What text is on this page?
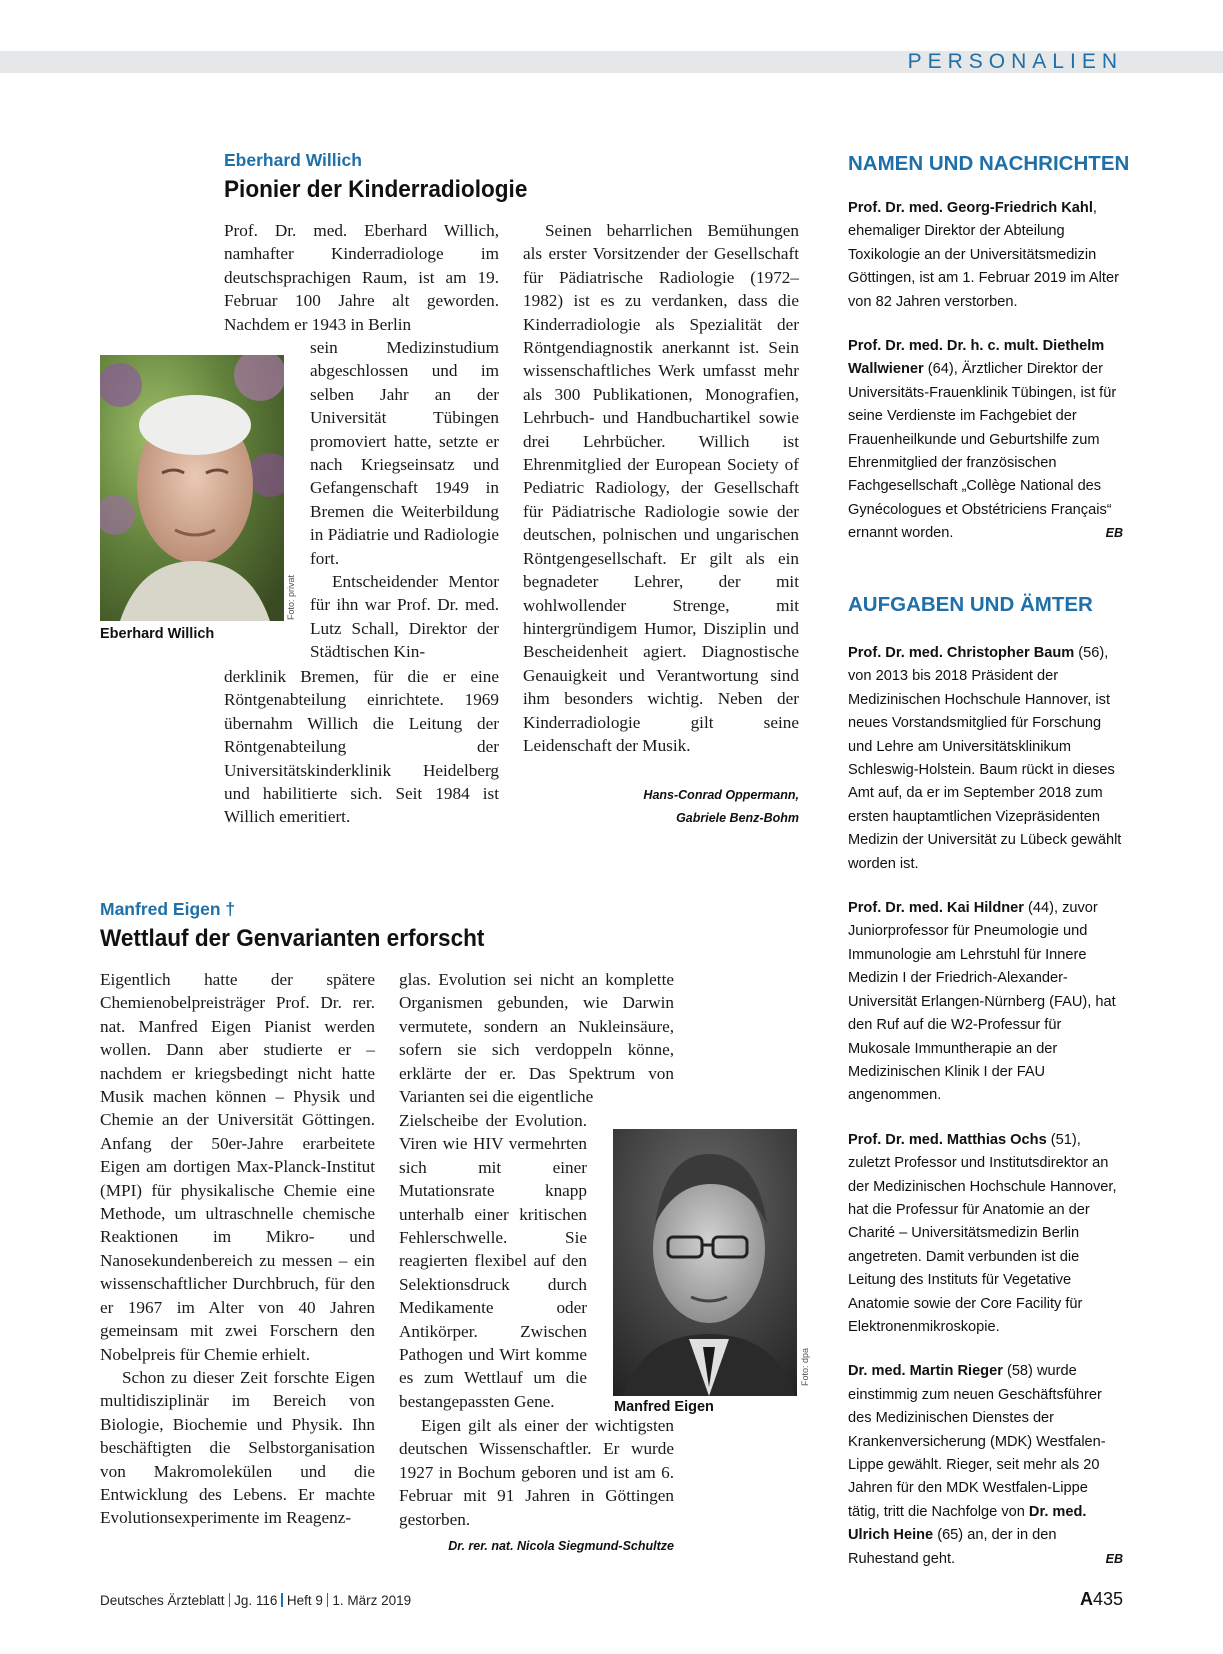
PERSONALIEN
Eberhard Willich
Pionier der Kinderradiologie

Prof. Dr. med. Eberhard Willich, namhafter Kinderradiologe im deutschsprachigen Raum, ist am 19. Februar 100 Jahre alt geworden. Nachdem er 1943 in Berlin

Foto: privat
Eberhard Willich

sein Medizinstudium abgeschlossen und im selben Jahr an der Universität Tübingen promoviert hatte, setzte er nach Kriegseinsatz und Gefangenschaft 1949 in Bremen die Weiterbildung in Pädiatrie und Radiologie fort.

Entscheidender Mentor für ihn war Prof. Dr. med. Lutz Schall, Direktor der Städtischen Kin-

derklinik Bremen, für die er eine Röntgenabteilung einrichtete. 1969 übernahm Willich die Leitung der Röntgenabteilung der Universitätskinderklinik Heidelberg und habilitierte sich. Seit 1984 ist Willich emeritiert.

Seinen beharrlichen Bemühungen als erster Vorsitzender der Gesellschaft für Pädiatrische Radiologie (1972–1982) ist es zu verdanken, dass die Kinderradiologie als Spezialität der Röntgendiagnostik anerkannt ist. Sein wissenschaftliches Werk umfasst mehr als 300 Publikationen, Monografien, Lehrbuch- und Handbuchartikel sowie drei Lehrbücher. Willich ist Ehrenmitglied der European Society of Pediatric Radiology, der Gesellschaft für Pädiatrische Radiologie sowie der deutschen, polnischen und ungarischen Röntgengesellschaft. Er gilt als ein begnadeter Lehrer, der mit wohlwollender Strenge, mit hintergründigem Humor, Disziplin und Bescheidenheit agiert. Diagnostische Genauigkeit und Verantwortung sind ihm besonders wichtig. Neben der Kinderradiologie gilt seine Leidenschaft der Musik.

Hans-Conrad Oppermann,
Gabriele Benz-Bohm
Manfred Eigen †
Wettlauf der Genvarianten erforscht

Eigentlich hatte der spätere Chemienobelpreisträger Prof. Dr. rer. nat. Manfred Eigen Pianist werden wollen. Dann aber studierte er – nachdem er kriegsbedingt nicht hatte Musik machen können – Physik und Chemie an der Universität Göttingen. Anfang der 50er-Jahre erarbeitete Eigen am dortigen Max-Planck-Institut (MPI) für physikalische Chemie eine Methode, um ultraschnelle chemische Reaktionen im Mikro- und Nanosekundenbereich zu messen – ein wissenschaftlicher Durchbruch, für den er 1967 im Alter von 40 Jahren gemeinsam mit zwei Forschern den Nobelpreis für Chemie erhielt.

Schon zu dieser Zeit forschte Eigen multidisziplinär im Bereich von Biologie, Biochemie und Physik. Ihn beschäftigten die Selbstorganisation von Makromolekülen und die Entwicklung des Lebens. Er machte Evolutionsexperimente im Reagenz-

glas. Evolution sei nicht an komplette Organismen gebunden, wie Darwin vermutete, sondern an Nukleinsäure, sofern sie sich verdoppeln könne, erklärte der er. Das Spektrum von Varianten sei die eigentliche

Zielscheibe der Evolution. Viren wie HIV vermehrten sich mit einer Mutationsrate knapp unterhalb einer kritischen Fehlerschwelle. Sie reagierten flexibel auf den Selektionsdruck durch Medikamente oder Antikörper. Zwischen Pathogen und Wirt komme es zum Wettlauf um die bestangepassten Gene.

Foto: dpa
Manfred Eigen

Eigen gilt als einer der wichtigsten deutschen Wissenschaftler. Er wurde 1927 in Bochum geboren und ist am 6. Februar mit 91 Jahren in Göttingen gestorben.

Dr. rer. nat. Nicola Siegmund-Schultze
NAMEN UND NACHRICHTEN

Prof. Dr. med. Georg-Friedrich Kahl, ehemaliger Direktor der Abteilung Toxikologie an der Universitätsmedizin Göttingen, ist am 1. Februar 2019 im Alter von 82 Jahren verstorben.

Prof. Dr. med. Dr. h. c. mult. Diethelm Wallwiener (64), Ärztlicher Direktor der Universitäts-Frauenklinik Tübingen, ist für seine Verdienste im Fachgebiet der Frauenheilkunde und Geburtshilfe zum Ehrenmitglied der französischen Fachgesellschaft „Collège National des Gynécologues et Obstétriciens Français“ ernannt worden.	EB

AUFGABEN UND ÄMTER

Prof. Dr. med. Christopher Baum (56), von 2013 bis 2018 Präsident der Medizinischen Hochschule Hannover, ist neues Vorstandsmitglied für Forschung und Lehre am Universitätsklinikum Schleswig-Holstein. Baum rückt in dieses Amt auf, da er im September 2018 zum ersten hauptamtlichen Vizepräsidenten Medizin der Universität zu Lübeck gewählt worden ist.

Prof. Dr. med. Kai Hildner (44), zuvor Juniorprofessor für Pneumologie und Immunologie am Lehrstuhl für Innere Medizin I der Friedrich-Alexander-Universität Erlangen-Nürnberg (FAU), hat den Ruf auf die W2-Professur für Mukosale Immuntherapie an der Medizinischen Klinik I der FAU angenommen.

Prof. Dr. med. Matthias Ochs (51), zuletzt Professor und Institutsdirektor an der Medizinischen Hochschule Hannover, hat die Professur für Anatomie an der Charité – Universitätsmedizin Berlin angetreten. Damit verbunden ist die Leitung des Instituts für Vegetative Anatomie sowie der Core Facility für Elektronenmikroskopie.

Dr. med. Martin Rieger (58) wurde einstimmig zum neuen Geschäftsführer des Medizinischen Dienstes der Krankenversicherung (MDK) Westfalen-Lippe gewählt. Rieger, seit mehr als 20 Jahren für den MDK Westfalen-Lippe tätig, tritt die Nachfolge von Dr. med. Ulrich Heine (65) an, der in den Ruhestand geht.	EB

Deutsches Ärzteblatt Jg. 116 Heft 9 1. März 2019	A435
